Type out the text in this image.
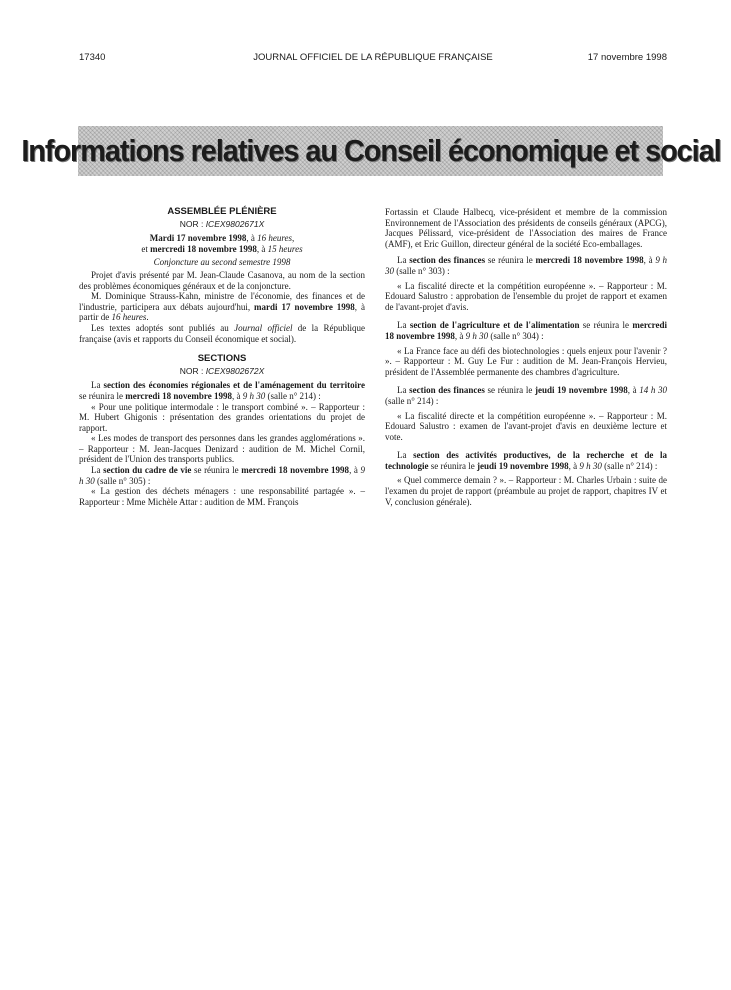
17340	JOURNAL OFFICIEL DE LA RÉPUBLIQUE FRANÇAISE	17 novembre 1998
Informations relatives au Conseil économique et social
ASSEMBLÉE PLÉNIÈRE
NOR : ICEX9802671X
Mardi 17 novembre 1998, à 16 heures,
et mercredi 18 novembre 1998, à 15 heures
Conjoncture au second semestre 1998

Projet d'avis présenté par M. Jean-Claude Casanova, au nom de la section des problèmes économiques généraux et de la conjoncture.

M. Dominique Strauss-Kahn, ministre de l'économie, des finances et de l'industrie, participera aux débats aujourd'hui, mardi 17 novembre 1998, à partir de 16 heures.

Les textes adoptés sont publiés au Journal officiel de la République française (avis et rapports du Conseil économique et social).

SECTIONS
NOR : ICEX9802672X

La section des économies régionales et de l'aménagement du territoire se réunira le mercredi 18 novembre 1998, à 9 h 30 (salle n° 214) :

« Pour une politique intermodale : le transport combiné ». – Rapporteur : M. Hubert Ghigonis : présentation des grandes orientations du projet de rapport.

« Les modes de transport des personnes dans les grandes agglomérations ». – Rapporteur : M. Jean-Jacques Denizard : audition de M. Michel Cornil, président de l'Union des transports publics.

La section du cadre de vie se réunira le mercredi 18 novembre 1998, à 9 h 30 (salle n° 305) :

« La gestion des déchets ménagers : une responsabilité partagée ». – Rapporteur : Mme Michèle Attar : audition de MM. François

Fortassin et Claude Halbecq, vice-président et membre de la commission Environnement de l'Association des présidents de conseils généraux (APCG), Jacques Pélissard, vice-président de l'Association des maires de France (AMF), et Eric Guillon, directeur général de la société Eco-emballages.

La section des finances se réunira le mercredi 18 novembre 1998, à 9 h 30 (salle n° 303) :

« La fiscalité directe et la compétition européenne ». – Rapporteur : M. Edouard Salustro : approbation de l'ensemble du projet de rapport et examen de l'avant-projet d'avis.

La section de l'agriculture et de l'alimentation se réunira le mercredi 18 novembre 1998, à 9 h 30 (salle n° 304) :

« La France face au défi des biotechnologies : quels enjeux pour l'avenir ? ». – Rapporteur : M. Guy Le Fur : audition de M. Jean-François Hervieu, président de l'Assemblée permanente des chambres d'agriculture.

La section des finances se réunira le jeudi 19 novembre 1998, à 14 h 30 (salle n° 214) :

« La fiscalité directe et la compétition européenne ». – Rapporteur : M. Edouard Salustro : examen de l'avant-projet d'avis en deuxième lecture et vote.

La section des activités productives, de la recherche et de la technologie se réunira le jeudi 19 novembre 1998, à 9 h 30 (salle n° 214) :

« Quel commerce demain ? ». – Rapporteur : M. Charles Urbain : suite de l'examen du projet de rapport (préambule au projet de rapport, chapitres IV et V, conclusion générale).
